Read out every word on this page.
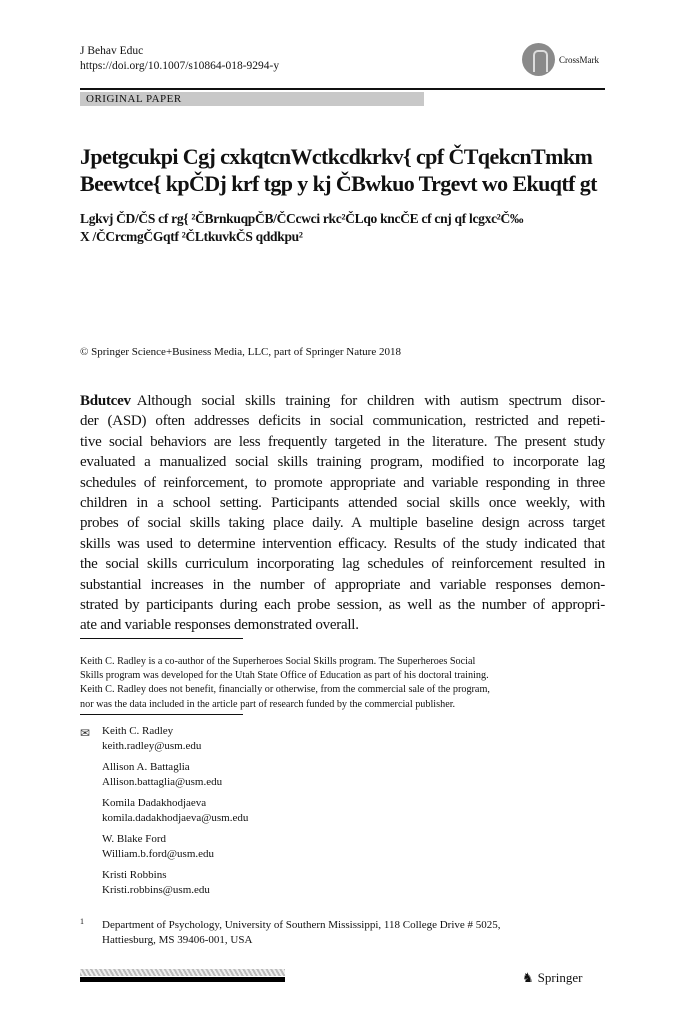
J Behav Educ
https://doi.org/10.1007/s10864-018-9294-y
CrossMark
ORIGINAL PAPER
Jpetgcukpi Cgj cxkqtcnWctkcdkrkv{ cpf ČTqekcnTmkm
Beewtce{ kpČDj krf tgp y kj ČBwkuo Trgevt wo Ekuqtf gt
Lgkvj ČD/ČS cf rg{ ²ČBrnkuqpČB/ČCcwci rkc²ČLqo kncČE cf cnj qf lcgxc²Č‰
X /ČCrcmgČGqtf ²ČLtkuvkČS qddkpu²
© Springer Science+Business Media, LLC, part of Springer Nature 2018
Bdutcev Although social skills training for children with autism spectrum disor-
der (ASD) often addresses deficits in social communication, restricted and repeti-
tive social behaviors are less frequently targeted in the literature. The present study
evaluated a manualized social skills training program, modified to incorporate lag
schedules of reinforcement, to promote appropriate and variable responding in three
children in a school setting. Participants attended social skills once weekly, with
probes of social skills taking place daily. A multiple baseline design across target
skills was used to determine intervention efficacy. Results of the study indicated that
the social skills curriculum incorporating lag schedules of reinforcement resulted in
substantial increases in the number of appropriate and variable responses demon-
strated by participants during each probe session, as well as the number of appropri-
ate and variable responses demonstrated overall.
Keith C. Radley is a co-author of the Superheroes Social Skills program. The Superheroes Social
Skills program was developed for the Utah State Office of Education as part of his doctoral training.
Keith C. Radley does not benefit, financially or otherwise, from the commercial sale of the program,
nor was the data included in the article part of research funded by the commercial publisher.
✉ Keith C. Radley
keith.radley@usm.edu
Allison A. Battaglia
Allison.battaglia@usm.edu
Komila Dadakhodjaeva
komila.dadakhodjaeva@usm.edu
W. Blake Ford
William.b.ford@usm.edu
Kristi Robbins
Kristi.robbins@usm.edu
1 Department of Psychology, University of Southern Mississippi, 118 College Drive # 5025,
Hattiesburg, MS 39406-001, USA
♞ Springer
